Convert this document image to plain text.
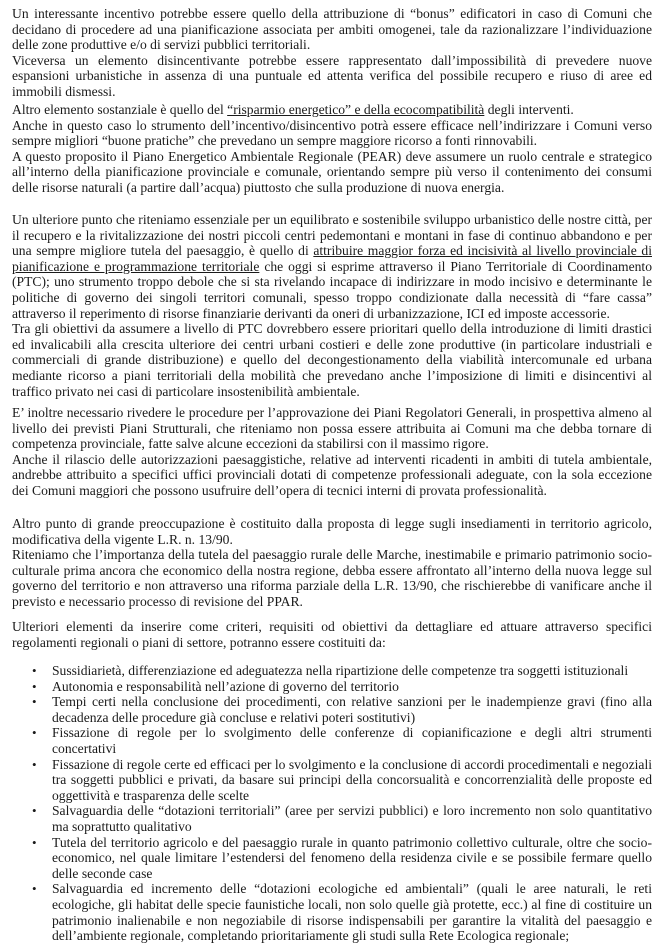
Un interessante incentivo potrebbe essere quello della attribuzione di “bonus” edificatori in caso di Comuni che decidano di procedere ad una pianificazione associata per ambiti omogenei, tale da razionalizzare l’individuazione delle zone produttive e/o di servizi pubblici territoriali.
Viceversa un elemento disincentivante potrebbe essere rappresentato dall’impossibilità di prevedere nuove espansioni urbanistiche in assenza di una puntuale ed attenta verifica del possibile recupero e riuso di aree ed immobili dismessi.
Altro elemento sostanziale è quello del “risparmio energetico” e della ecocompatibilità degli interventi.
Anche in questo caso lo strumento dell’incentivo/disincentivo potrà essere efficace nell’indirizzare i Comuni verso sempre migliori “buone pratiche” che prevedano un sempre maggiore ricorso a fonti rinnovabili.
A questo proposito il Piano Energetico Ambientale Regionale (PEAR) deve assumere un ruolo centrale e strategico all’interno della pianificazione provinciale e comunale, orientando sempre più verso il contenimento dei consumi delle risorse naturali (a partire dall’acqua) piuttosto che sulla produzione di nuova energia.
Un ulteriore punto che riteniamo essenziale per un equilibrato e sostenibile sviluppo urbanistico delle nostre città, per il recupero e la rivitalizzazione dei nostri piccoli centri pedemontani e montani in fase di continuo abbandono e per una sempre migliore tutela del paesaggio, è quello di attribuire maggior forza ed incisività al livello provinciale di pianificazione e programmazione territoriale che oggi si esprime attraverso il Piano Territoriale di Coordinamento (PTC); uno strumento troppo debole che si sta rivelando incapace di indirizzare in modo incisivo e determinante le politiche di governo dei singoli territori comunali, spesso troppo condizionate dalla necessità di “fare cassa” attraverso il reperimento di risorse finanziarie derivanti da oneri di urbanizzazione, ICI ed imposte accessorie.
Tra gli obiettivi da assumere a livello di PTC dovrebbero essere prioritari quello della introduzione di limiti drastici ed invalicabili alla crescita ulteriore dei centri urbani costieri e delle zone produttive (in particolare industriali e commerciali di grande distribuzione) e quello del decongestionamento della viabilità intercomunale ed urbana mediante ricorso a piani territoriali della mobilità che prevedano anche l’imposizione di limiti e disincentivi al traffico privato nei casi di particolare insostenibilità ambientale.
E’ inoltre necessario rivedere le procedure per l’approvazione dei Piani Regolatori Generali, in prospettiva almeno al livello dei previsti Piani Strutturali, che riteniamo non possa essere attribuita ai Comuni ma che debba tornare di competenza provinciale, fatte salve alcune eccezioni da stabilirsi con il massimo rigore.
Anche il rilascio delle autorizzazioni paesaggistiche, relative ad interventi ricadenti in ambiti di tutela ambientale, andrebbe attribuito a specifici uffici provinciali dotati di competenze professionali adeguate, con la sola eccezione dei Comuni maggiori che possono usufruire dell’opera di tecnici interni di provata professionalità.
Altro punto di grande preoccupazione è costituito dalla proposta di legge sugli insediamenti in territorio agricolo, modificativa della vigente L.R. n. 13/90.
Riteniamo che l’importanza della tutela del paesaggio rurale delle Marche, inestimabile e primario patrimonio socio-culturale prima ancora che economico della nostra regione, debba essere affrontato all’interno della nuova legge sul governo del territorio e non attraverso una riforma parziale della L.R. 13/90, che rischierebbe di vanificare anche il previsto e necessario processo di revisione del PPAR.
Ulteriori elementi da inserire come criteri, requisiti od obiettivi da dettagliare ed attuare attraverso specifici regolamenti regionali o piani di settore, potranno essere costituiti da:
• Sussidiarietà, differenziazione ed adeguatezza nella ripartizione delle competenze tra soggetti istituzionali
• Autonomia e responsabilità nell’azione di governo del territorio
• Tempi certi nella conclusione dei procedimenti, con relative sanzioni per le inadempienze gravi (fino alla decadenza delle procedure già concluse e relativi poteri sostitutivi)
• Fissazione di regole per lo svolgimento delle conferenze di copianificazione e degli altri strumenti concertativi
• Fissazione di regole certe ed efficaci per lo svolgimento e la conclusione di accordi procedimentali e negoziali tra soggetti pubblici e privati, da basare sui principi della concorsualità e concorrenzialità delle proposte ed oggettività e trasparenza delle scelte
• Salvaguardia delle “dotazioni territoriali” (aree per servizi pubblici) e loro incremento non solo quantitativo ma soprattutto qualitativo
• Tutela del territorio agricolo e del paesaggio rurale in quanto patrimonio collettivo culturale, oltre che socio-economico, nel quale limitare l’estendersi del fenomeno della residenza civile e se possibile fermare quello delle seconde case
• Salvaguardia ed incremento delle “dotazioni ecologiche ed ambientali” (quali le aree naturali, le reti ecologiche, gli habitat delle specie faunistiche locali, non solo quelle già protette, ecc.) al fine di costituire un patrimonio inalienabile e non negoziabile di risorse indispensabili per garantire la vitalità del paesaggio e dell’ambiente regionale, completando prioritariamente gli studi sulla Rete Ecologica regionale;
